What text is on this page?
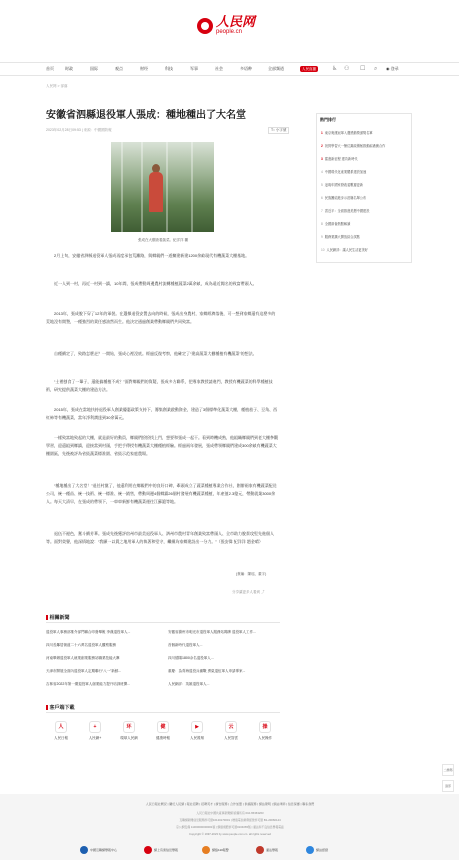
人民网
people.cn
首页	时政	国际	观点	财经	科技	军事	社会	多语种	全部频道	人民直播	♿ ⚇ ☐ ⌕ ◉ 登录
人民网 > 部落
安徽省泗縣退役軍人張成：種地種出了大名堂
2023年02月28日09:53 | 来源：中國國防報	T↕ 小字號
張成在大棚查看蔬菜。紀洋洋 攝

2月上旬，安徽省泗縣退役軍人張成再度承包荒灘路，與鄉親們一道擴建新建1200余畝現代有機蔬菜大棚基地。

近一人到一村，再近一村到一鎮，10年間，張成帶動周邊農村流轉種植蔬菜2萬余畝，成為遠近聞名的致富帶頭人。

2013年，張成脫下穿了12年的軍裝。在選擇退役安置去向的時候，張成出身農村，家鄉經濟落後，可一想到家鄉還有這麼多的荒地沒有開墾，一種強烈的責任感油然而生。他決定通過創業帶動鄉親們共同致富。

自種續定了，致路怎麼走？一開始，張成心裡沒底。經過反復考察，他確定了“建高蔬菜大棚種植有機蔬菜”的想法。

“土裡刨食了一輩子，還能搞種植不成？”面對鄉親們的質疑，張成多方聯系，把專家教授請進門，教授有機蔬菜的科學種植技術，研究提供蔬菜大棚的建造方法。

2015年，張成在當地扶持退役軍人創業優惠政策支持下，籌集創業啟動資金，建造了3個標準化蔬菜大棚，種植茄子、豆角、西紅柿等有機蔬菜，當年淨利潤達到30余萬元。

一樣致富地致起的大棚，就是最好的動員，鄉親們紛紛找上門，想要和張成一起干。看到時機成熟，他組織鄉親們到老大棚參觀學習，迎還組到鄉鎮，迎接當到村頭，手把手傳授有機蔬菜大棚種植經驗。經過兩年發展，張成帶領鄉親們建成300余畝有機蔬菜大棚園區，先後被評為省級蔬菜標准園、省級示范家庭農場。

“種地種出了大名堂！”退任村黨了，他還利用在鄉親們中的良好口碑，牽頭成立了蔬菜種植專業合作社，創辦兩家有機蔬菜配送公司，統一種苗、統一技術、統一標准、統一銷售，帶動周邊4個鄉鎮26個村發展有機蔬菜種植，年產值2.3億元，帶動就業3000余人。每天大清早，在張成的帶領下，一車車新鮮有機蔬菜運往江蘇滬等地。

退伍不褪色，奮斗續芳華。張成先後獲評宿州市最美退役軍人、泗州市農村青年創業致富帶頭人、全市助力脫貧攻堅先進個人等。面對榮譽，他深情地說：“我願一以貫之地用軍人的執著和堅守，繼續為家鄉建設出一分力。”（張安偉 紀洋洋 趙金晴）

(責編：陳瑶、董宇)
分享讓更多人看到 ⤴
相關新聞
退役軍人事務部推介部門聯合印發舉報 李漢退役軍人...	安徽省滁州市明光市退役軍人服務站揭牌 退役軍人工作...
四川長鄰居街道二十六萬名退役軍人觀察服務	首個新時代退役軍人...
河南舉辦退役軍人就業創業服務站職業技能大賽	四川德陽1800余名退役軍人...
天津市開展全面內退役軍人定期聯行“八一”新鮮...	重慶：為青海退役兵備戰 勇氣退伍軍人申請專家...
吉林省2022年第一期退役軍人創業能力提升培訓班開...	人民網評：英雄退役軍人...
客戶端下載
人
人民日報
+
人民網+
环
環球人民網
健
健康時報
▶
人民視頻
云
人民智雲
操
人民操作
熱門排行
1 東京奧運冠軍入選感動獎頒獎名單
2 祝賀學習大一簡位黨政積極推動滬港澳合作
3 奮進新征程 建功新時代
4 中國現代化產業體系建設加速
5 這幾年國家發改委數據更新
6 民族團結進步示范縣名單公布
7 習近平：全面推進美麗中國建設
8 全國兩會熱點解讀
9 服務業擴大開放綜合試點
10 人民網評：讓人民生活更美好
二維碼
頂部
人民日報社概況 | 關於人民網 | 報社招聘 | 招聘英才 | 廣告服務 | 合作加盟 | 供稿服務 | 網站聲明 | 網站律師 | 信息保護 | 聯系我們
人民日報社中國共產黨新聞網 版權所有 010-65363263
互聯網新聞信息服務許可證10120170001 | 增值電信業務經營許可證 B1-20060144
京公網安備 11000000000001號 | 網絡視聽許可證0104065號 | 違法和不良信息舉報電話
Copyright © 1997-2023 by www.people.com.cn. all rights reserved
中國互聯網舉報中心	網上有害信息舉報	網絡110報警	違法舉報	網站認證
